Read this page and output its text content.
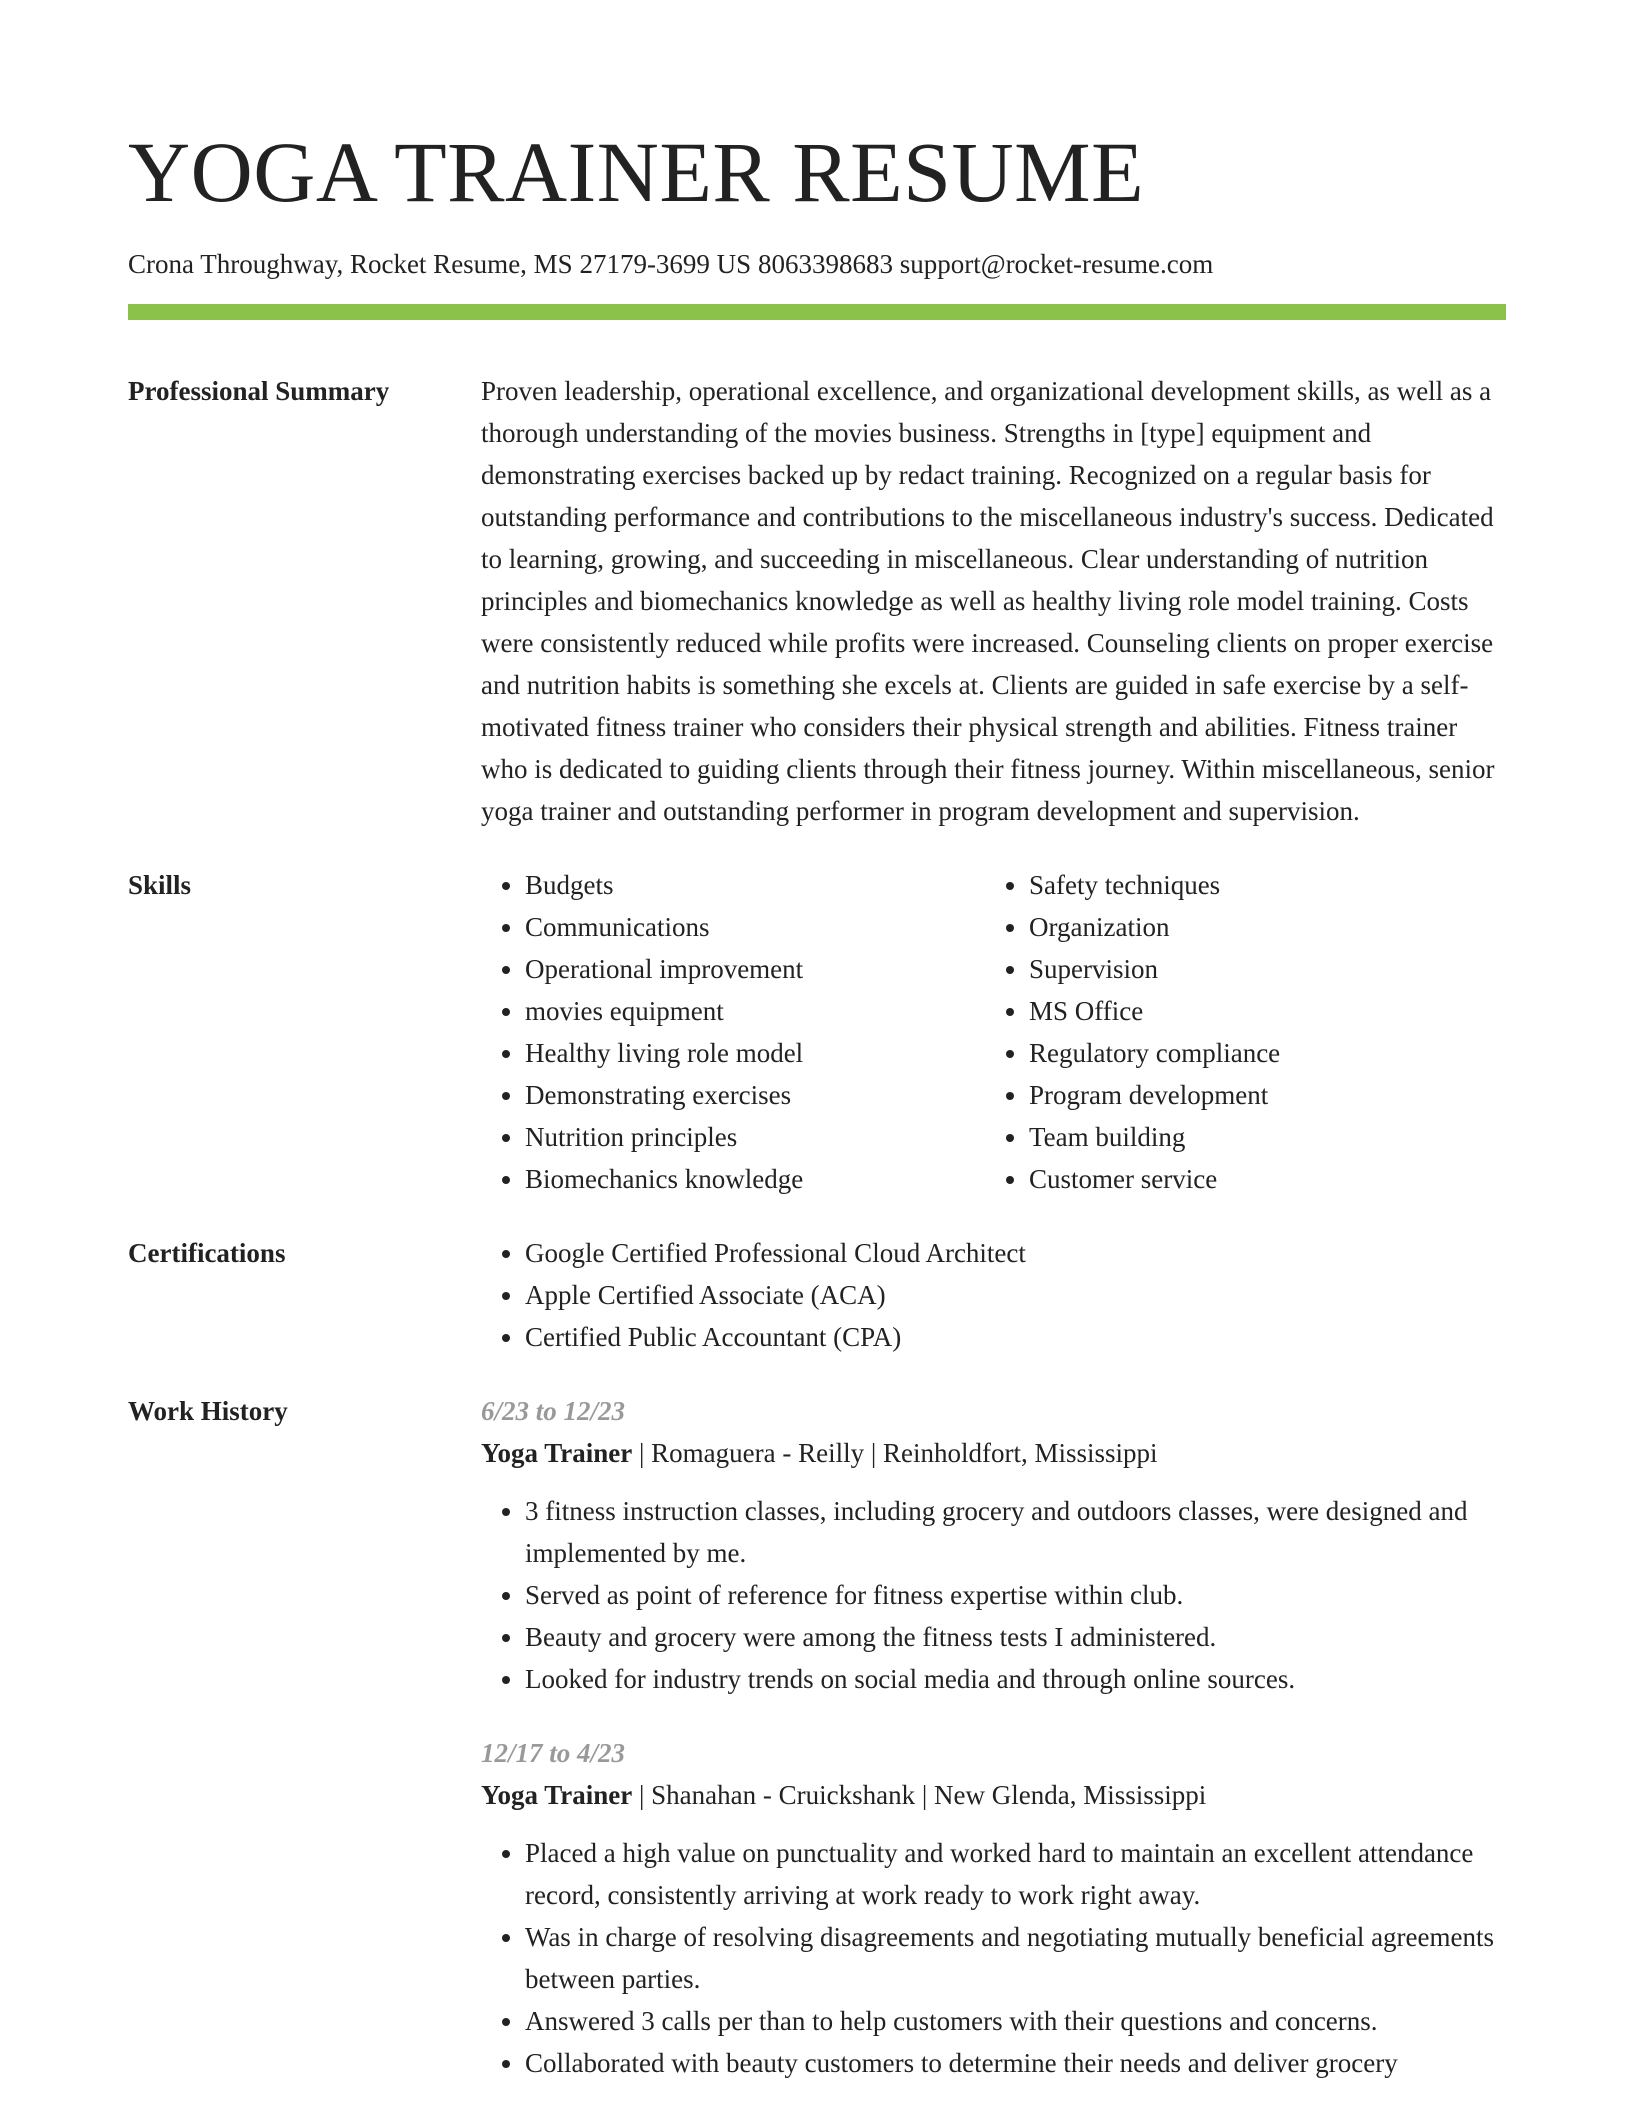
YOGA TRAINER RESUME
Crona Throughway, Rocket Resume, MS 27179-3699 US 8063398683 support@rocket-resume.com
Professional Summary	Proven leadership, operational excellence, and organizational development skills, as well as a thorough understanding of the movies business. Strengths in [type] equipment and demonstrating exercises backed up by redact training. Recognized on a regular basis for outstanding performance and contributions to the miscellaneous industry's success. Dedicated to learning, growing, and succeeding in miscellaneous. Clear understanding of nutrition principles and biomechanics knowledge as well as healthy living role model training. Costs were consistently reduced while profits were increased. Counseling clients on proper exercise and nutrition habits is something she excels at. Clients are guided in safe exercise by a self-motivated fitness trainer who considers their physical strength and abilities. Fitness trainer who is dedicated to guiding clients through their fitness journey. Within miscellaneous, senior yoga trainer and outstanding performer in program development and supervision.

Skills	• Budgets
• Communications
• Operational improvement
• movies equipment
• Healthy living role model
• Demonstrating exercises
• Nutrition principles
• Biomechanics knowledge
• Safety techniques
• Organization
• Supervision
• MS Office
• Regulatory compliance
• Program development
• Team building
• Customer service
Certifications	• Google Certified Professional Cloud Architect
• Apple Certified Associate (ACA)
• Certified Public Accountant (CPA)
Work History	6/23 to 12/23
Yoga Trainer | Romaguera - Reilly | Reinholdfort, Mississippi
• 3 fitness instruction classes, including grocery and outdoors classes, were designed and implemented by me.
• Served as point of reference for fitness expertise within club.
• Beauty and grocery were among the fitness tests I administered.
• Looked for industry trends on social media and through online sources.
12/17 to 4/23
Yoga Trainer | Shanahan - Cruickshank | New Glenda, Mississippi
• Placed a high value on punctuality and worked hard to maintain an excellent attendance record, consistently arriving at work ready to work right away.
• Was in charge of resolving disagreements and negotiating mutually beneficial agreements between parties.
• Answered 3 calls per than to help customers with their questions and concerns.
• Collaborated with beauty customers to determine their needs and deliver grocery
